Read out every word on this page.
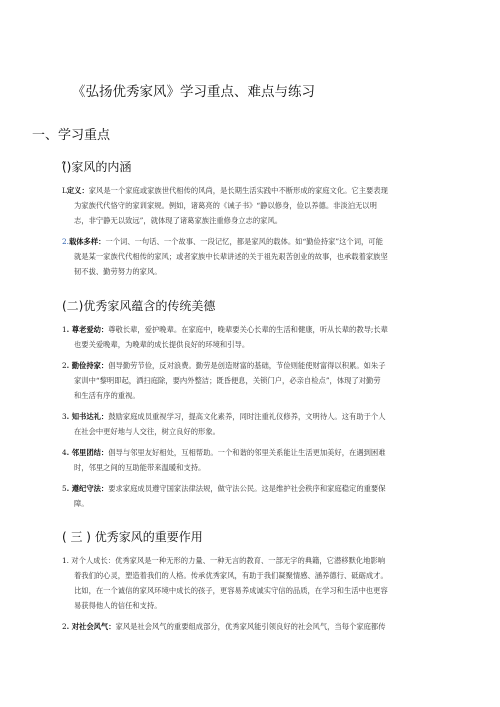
《弘扬优秀家风》学习重点、难点与练习
一、学习重点
(̂)家风的内涵
L定义：家风是一个家庭或家族世代相传的风尚，是长期生活实践中不断形成的家庭文化。它主要表现
为家族代代恪守的家训家规。例如，诸葛亮的《诫子书》“静以修身，俭以养德。非淡泊无以明
志，非宁静无以致远”，就体现了诸葛家族注重修身立志的家风。
2.载体多样：一个词、一句话、一个故事、一段记忆，都是家风的载体。如“勤俭持家”这个词，可能
就是某一家族代代相传的家风；或者家族中长辈讲述的关于祖先艰苦创业的故事，也承载着家族坚
韧不拔、勤劳努力的家风。
(二)优秀家风蕴含的传统美德
1. 尊老爱幼：尊敬长辈，爱护晚辈。在家庭中，晚辈要关心长辈的生活和健康，听从长辈的教导;长辈
也要关爱晚辈，为晚辈的成长提供良好的环境和引导。
2. 勤俭持家：倡导勤劳节俭，反对浪费。勤劳是创造财富的基础，节俭则能使财富得以积累。如朱子
家训中“黎明即起，洒扫庭除，要内外整洁；既昏便息，关锁门户，必亲自检点”，体现了对勤劳
和生活有序的重视。
3. 知书达礼：鼓励家庭成员重视学习，提高文化素养，同时注重礼仪修养，文明待人。这有助于个人
在社会中更好地与人交往，树立良好的形象。
4. 邻里团结：倡导与邻里友好相处，互相帮助。一个和谐的邻里关系能让生活更加美好，在遇到困难
时，邻里之间的互助能带来温暖和支持。
5. 遵纪守法：要求家庭成员遵守国家法律法规，做守法公民。这是维护社会秩序和家庭稳定的重要保
障。
( 三 ) 优秀家风的重要作用
1. 对个人成长：优秀家风是一种无形的力量、一种无言的教育、一部无字的典籍，它潜移默化地影响
着我们的心灵，塑造着我们的人格。传承优秀家风，有助于我们凝聚情感、涵养德行、砥砺成才。
比如，在一个诚信的家风环境中成长的孩子，更容易养成诚实守信的品质，在学习和生活中也更容
易获得他人的信任和支持。
2. 对社会风气：家风是社会风气的重要组成部分，优秀家风能引领良好的社会风气，当每个家庭都传
